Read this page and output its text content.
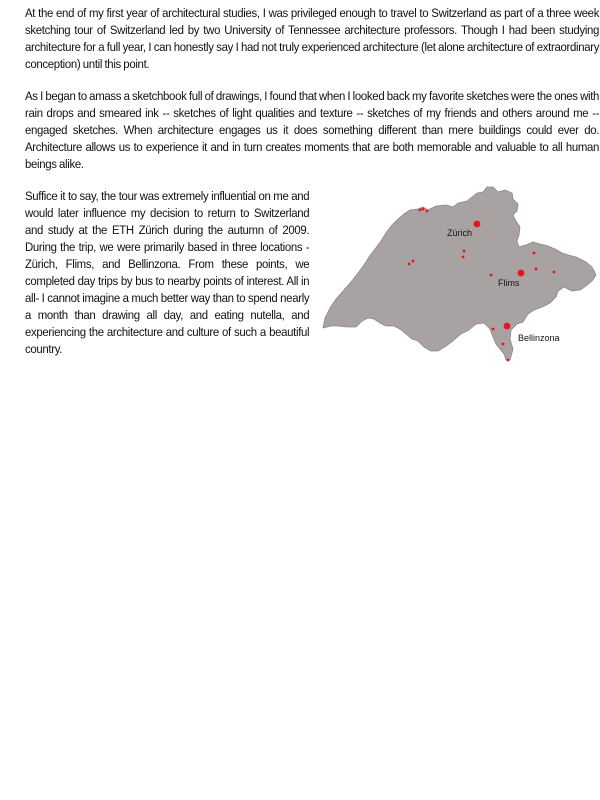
At the end of my first year of architectural studies, I was privileged enough to travel to Switzerland as part of a three week sketching tour of Switzerland led by two University of Tennessee architecture professors. Though I had been studying architecture for a full year, I can honestly say I had not truly experienced architecture (let alone architecture of extraordinary conception) until this point.

As I began to amass a sketchbook full of drawings, I found that when I looked back my favorite sketches were the ones with rain drops and smeared ink -- sketches of light qualities and texture -- sketches of my friends and others around me -- engaged sketches. When architecture engages us it does something different than mere buildings could ever do. Architecture allows us to experience it and in turn creates moments that are both memorable and valuable to all human beings alike.

Suffice it to say, the tour was extremely influential on me and would later influence my decision to return to Switzerland and study at the ETH Zürich during the autumn of 2009. During the trip, we were primarily based in three locations - Zürich, Flims, and Bellinzona. From these points, we completed day trips by bus to nearby points of interest. All in all- I cannot imagine a much better way than to spend nearly a month than drawing all day, and eating nutella, and experiencing the architecture and culture of such a beautiful country.

Zürich
Flims
Bellinzona
